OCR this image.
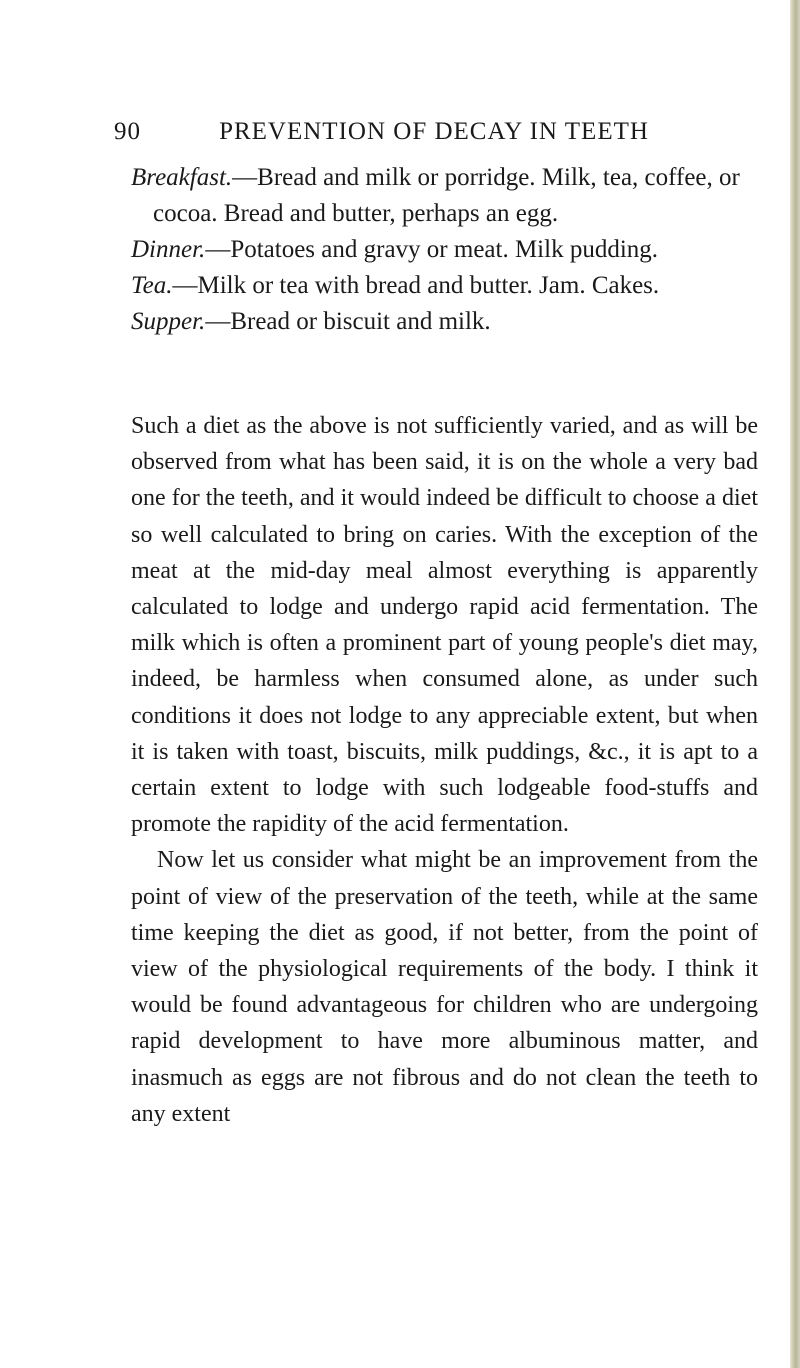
90	PREVENTION OF DECAY IN TEETH

Breakfast.—Bread and milk or porridge. Milk, tea, coffee, or cocoa. Bread and butter, perhaps an egg.

Dinner.—Potatoes and gravy or meat. Milk pudding.

Tea.—Milk or tea with bread and butter. Jam. Cakes.

Supper.—Bread or biscuit and milk.

Such a diet as the above is not sufficiently varied, and as will be observed from what has been said, it is on the whole a very bad one for the teeth, and it would indeed be difficult to choose a diet so well calculated to bring on caries. With the exception of the meat at the mid-day meal almost everything is apparently calculated to lodge and undergo rapid acid fermentation. The milk which is often a prominent part of young people's diet may, indeed, be harmless when consumed alone, as under such conditions it does not lodge to any appreciable extent, but when it is taken with toast, biscuits, milk puddings, &c., it is apt to a certain extent to lodge with such lodgeable food-stuffs and promote the rapidity of the acid fermentation.

Now let us consider what might be an improvement from the point of view of the preservation of the teeth, while at the same time keeping the diet as good, if not better, from the point of view of the physiological requirements of the body. I think it would be found advantageous for children who are undergoing rapid development to have more albuminous matter, and inasmuch as eggs are not fibrous and do not clean the teeth to any extent
